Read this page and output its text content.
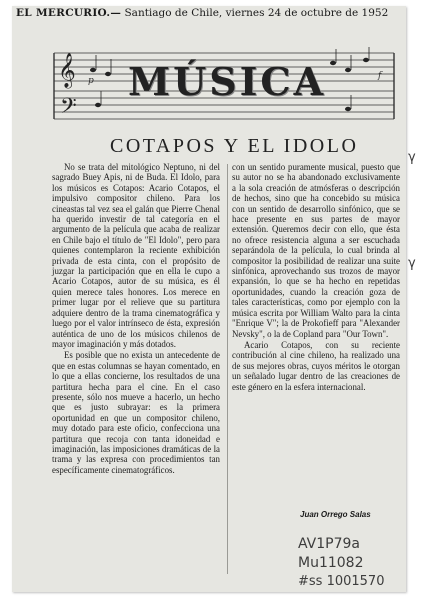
EL MERCURIO.— Santiago de Chile, viernes 24 de octubre de 1952
𝄞
𝄢
p	f
MÚSICA
COTAPOS Y EL IDOLO

No se trata del mitológico Neptuno, ni del sagrado Buey Apis, ni de Buda. El Idolo, para los músicos es Cotapos: Acario Cotapos, el impulsivo compositor chileno. Para los cineastas tal vez sea el galán que Pierre Chenal ha querido investir de tal categoría en el argumento de la película que acaba de realizar en Chile bajo el título de "El Idolo", pero para quienes contemplaron la reciente exhibición privada de esta cinta, con el propósito de juzgar la participación que en ella le cupo a Acario Cotapos, autor de su música, es él quien merece tales honores. Los merece en primer lugar por el relieve que su partitura adquiere dentro de la trama cinematográfica y luego por el valor intrínseco de ésta, expresión auténtica de uno de los músicos chilenos de mayor imaginación y más dotados.

Es posible que no exista un antecedente de que en estas columnas se hayan comentado, en lo que a ellas concierne, los resultados de una partitura hecha para el cine. En el caso presente, sólo nos mueve a hacerlo, un hecho que es justo subrayar: es la primera oportunidad en que un compositor chileno, muy dotado para este oficio, confecciona una partitura que recoja con tanta idoneidad e imaginación, las imposiciones dramáticas de la trama y las expresa con procedimientos tan específicamente cinematográficos.

con un sentido puramente musical, puesto que su autor no se ha abandonado exclusivamente a la sola creación de atmósferas o descripción de hechos, sino que ha concebido su música con un sentido de desarrollo sinfónico, que se hace presente en sus partes de mayor extensión. Queremos decir con ello, que ésta no ofrece resistencia alguna a ser escuchada separándola de la película, lo cual brinda al compositor la posibilidad de realizar una suite sinfónica, aprovechando sus trozos de mayor expansión, lo que se ha hecho en repetidas oportunidades, cuando la creación goza de tales características, como por ejemplo con la música escrita por William Walto para la cinta "Enrique V"; la de Prokofieff para "Alexander Nevsky", o la de Copland para "Our Town".

Acario Cotapos, con su reciente contribución al cine chileno, ha realizado una de sus mejores obras, cuyos méritos le otorgan un señalado lugar dentro de las creaciones de este género en la esfera internacional.

Juan Orrego Salas
γ
γ
AV1P79a
Mu11082
#ss 1001570
